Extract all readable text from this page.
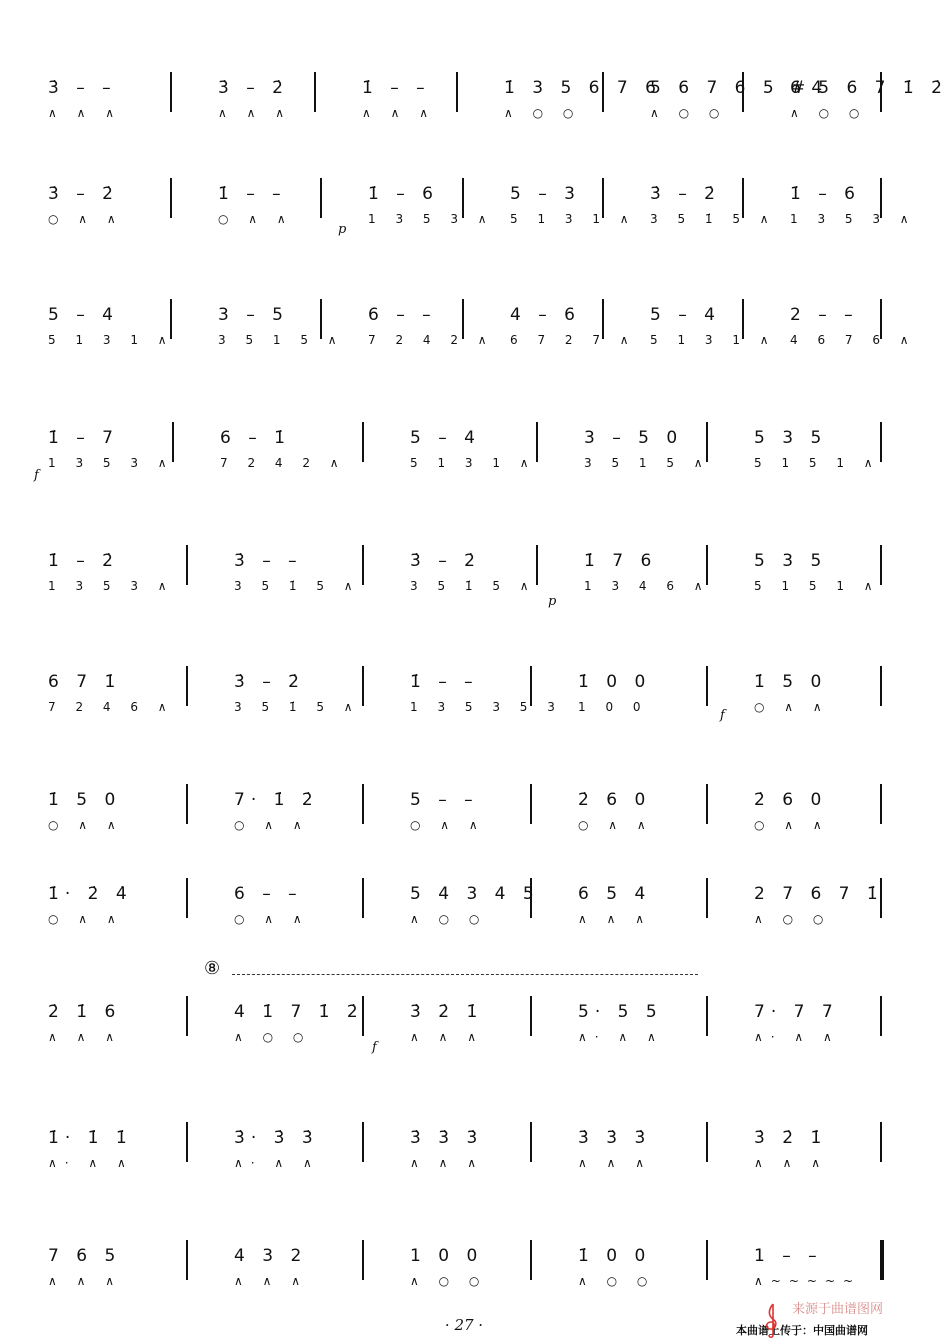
3̇ – –
∧ ∧ ∧
3̇ – 2̇
∧ ∧ ∧
1̇ – –
∧ ∧ ∧
1̇ 3 5 6 7 6
∧ ○ ○
5 6 7 6 5 #4
∧ ○ ○
6 5 6 7 1̇ 2̇
∧ ○ ○
3̇ – 2̇
○ ∧ ∧
1̇ – –
○ ∧ ∧
1̇ – 6
1 3 5 3 ∧
5 – 3
5 1 3 1 ∧
3̇ – 2̇
3 5 1̇ 5 ∧
1̇ – 6
1 3 5 3 ∧
5 – 4
5 1 3 1 ∧
3 – 5
3 5 1 5 ∧
6 – –
7 2 4 2 ∧
4 – 6
6 7 2 7 ∧
5 – 4
5 1 3 1 ∧
2 – –
4 6 7 6 ∧
1̇ – 7
1 3 5 3 ∧
6 – 1̇
7 2 4 2 ∧
5 – 4
5 1 3 1 ∧
3 – 5 0
3 5 1 5 ∧
5 3 5
5 1 5 1 ∧
1̇ – 2̇
1 3 5 3 ∧
3̇ – –
3 5 1̇ 5 ∧
3̇ – 2̇
3 5 1̇ 5 ∧
1̇ 7 6
1 3 4 6 ∧
5 3 5
5 1 5 1 ∧
6 7 1̇
7 2 4 6 ∧
3̇ – 2̇
3 5 1̇ 5 ∧
1̇ – –
1 3 5 3 5 3
1̇ 0 0
1 0 0
1̇ 5 0
○ ∧ ∧
1̇ 5 0
○ ∧ ∧
7· 1̇ 2̇
○ ∧ ∧
5 – –
○ ∧ ∧
2̇ 6 0
○ ∧ ∧
2̇ 6 0
○ ∧ ∧
1̇· 2̇ 4̇
○ ∧ ∧
6 – –
○ ∧ ∧
5 4 3 4 5
∧ ○ ○
6 5 4
∧ ∧ ∧
2 7 6 7 1̇
∧ ○ ○
2̇ 1̇ 6
∧ ∧ ∧
4 1̇ 7 1̇ 2̇
∧ ○ ○
3̇ 2̇ 1̇
∧ ∧ ∧
5· 5 5
∧· ∧ ∧
7· 7 7
∧· ∧ ∧
1̇· 1̇ 1̇
∧· ∧ ∧
3̇· 3̇ 3̇
∧· ∧ ∧
3̇ 3̇ 3̇
∧ ∧ ∧
3̇ 3̇ 3̇
∧ ∧ ∧
3̇ 2̇ 1̇
∧ ∧ ∧
7 6 5
∧ ∧ ∧
4 3 2
∧ ∧ ∧
1 0 0
∧ ○ ○
1̇ 0 0
∧ ○ ○
1 – –
∧~~~~~
p
f
p
f
f
⑧
· 27 ·	本曲谱上传于：中国曲谱网
来源于曲谱图网
